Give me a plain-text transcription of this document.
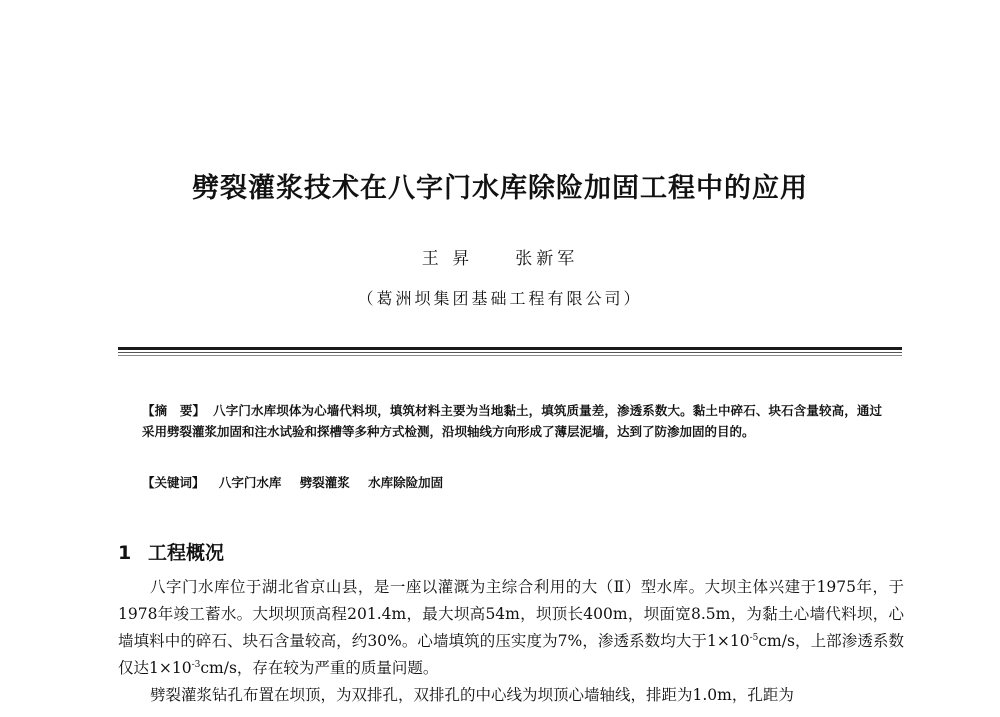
劈裂灌浆技术在八字门水库除险加固工程中的应用
王 昇 张新军
（葛洲坝集团基础工程有限公司）

【摘　要】 八字门水库坝体为心墙代料坝，填筑材料主要为当地黏土，填筑质量差，渗透系数大。黏土中碎石、块石含量较高，通过采用劈裂灌浆加固和注水试验和探槽等多种方式检测，沿坝轴线方向形成了薄层泥墙，达到了防渗加固的目的。

【关键词】 八字门水库 劈裂灌浆 水库除险加固
1 工程概况

八字门水库位于湖北省京山县，是一座以灌溉为主综合利用的大（Ⅱ）型水库。大坝主体兴建于1975年，于1978年竣工蓄水。大坝坝顶高程201.4m，最大坝高54m，坝顶长400m，坝面宽8.5m，为黏土心墙代料坝，心墙填料中的碎石、块石含量较高，约30%。心墙填筑的压实度为7%，渗透系数均大于$1\times 10^{-5}cm/s$，上部渗透系数仅达$1\times 10^{-3}cm/s$，存在较为严重的质量问题。

劈裂灌浆钻孔布置在坝顶，为双排孔，双排孔的中心线为坝顶心墙轴线，排距为1.0m，孔距为
